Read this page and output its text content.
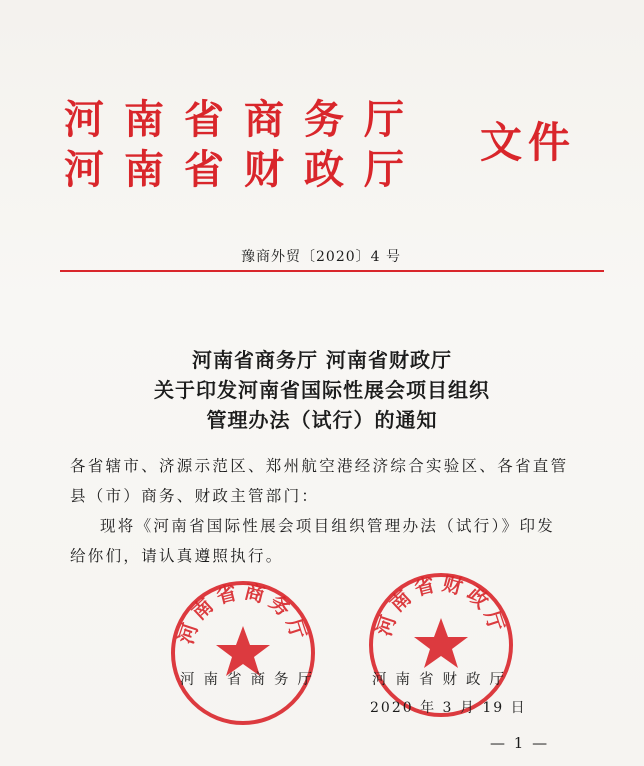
河南省商务厅
河南省财政厅
文件
豫商外贸〔2020〕4 号
河南省商务厅 河南省财政厅
关于印发河南省国际性展会项目组织
管理办法（试行）的通知
各省辖市、济源示范区、郑州航空港经济综合实验区、各省直管
县（市）商务、财政主管部门：
现将《河南省国际性展会项目组织管理办法（试行）》印发
给你们，请认真遵照执行。
河南省商务厅	河南省财政厅
河南省商务厅	河南省财政厅
2020 年 3 月 19 日
— 1 —
